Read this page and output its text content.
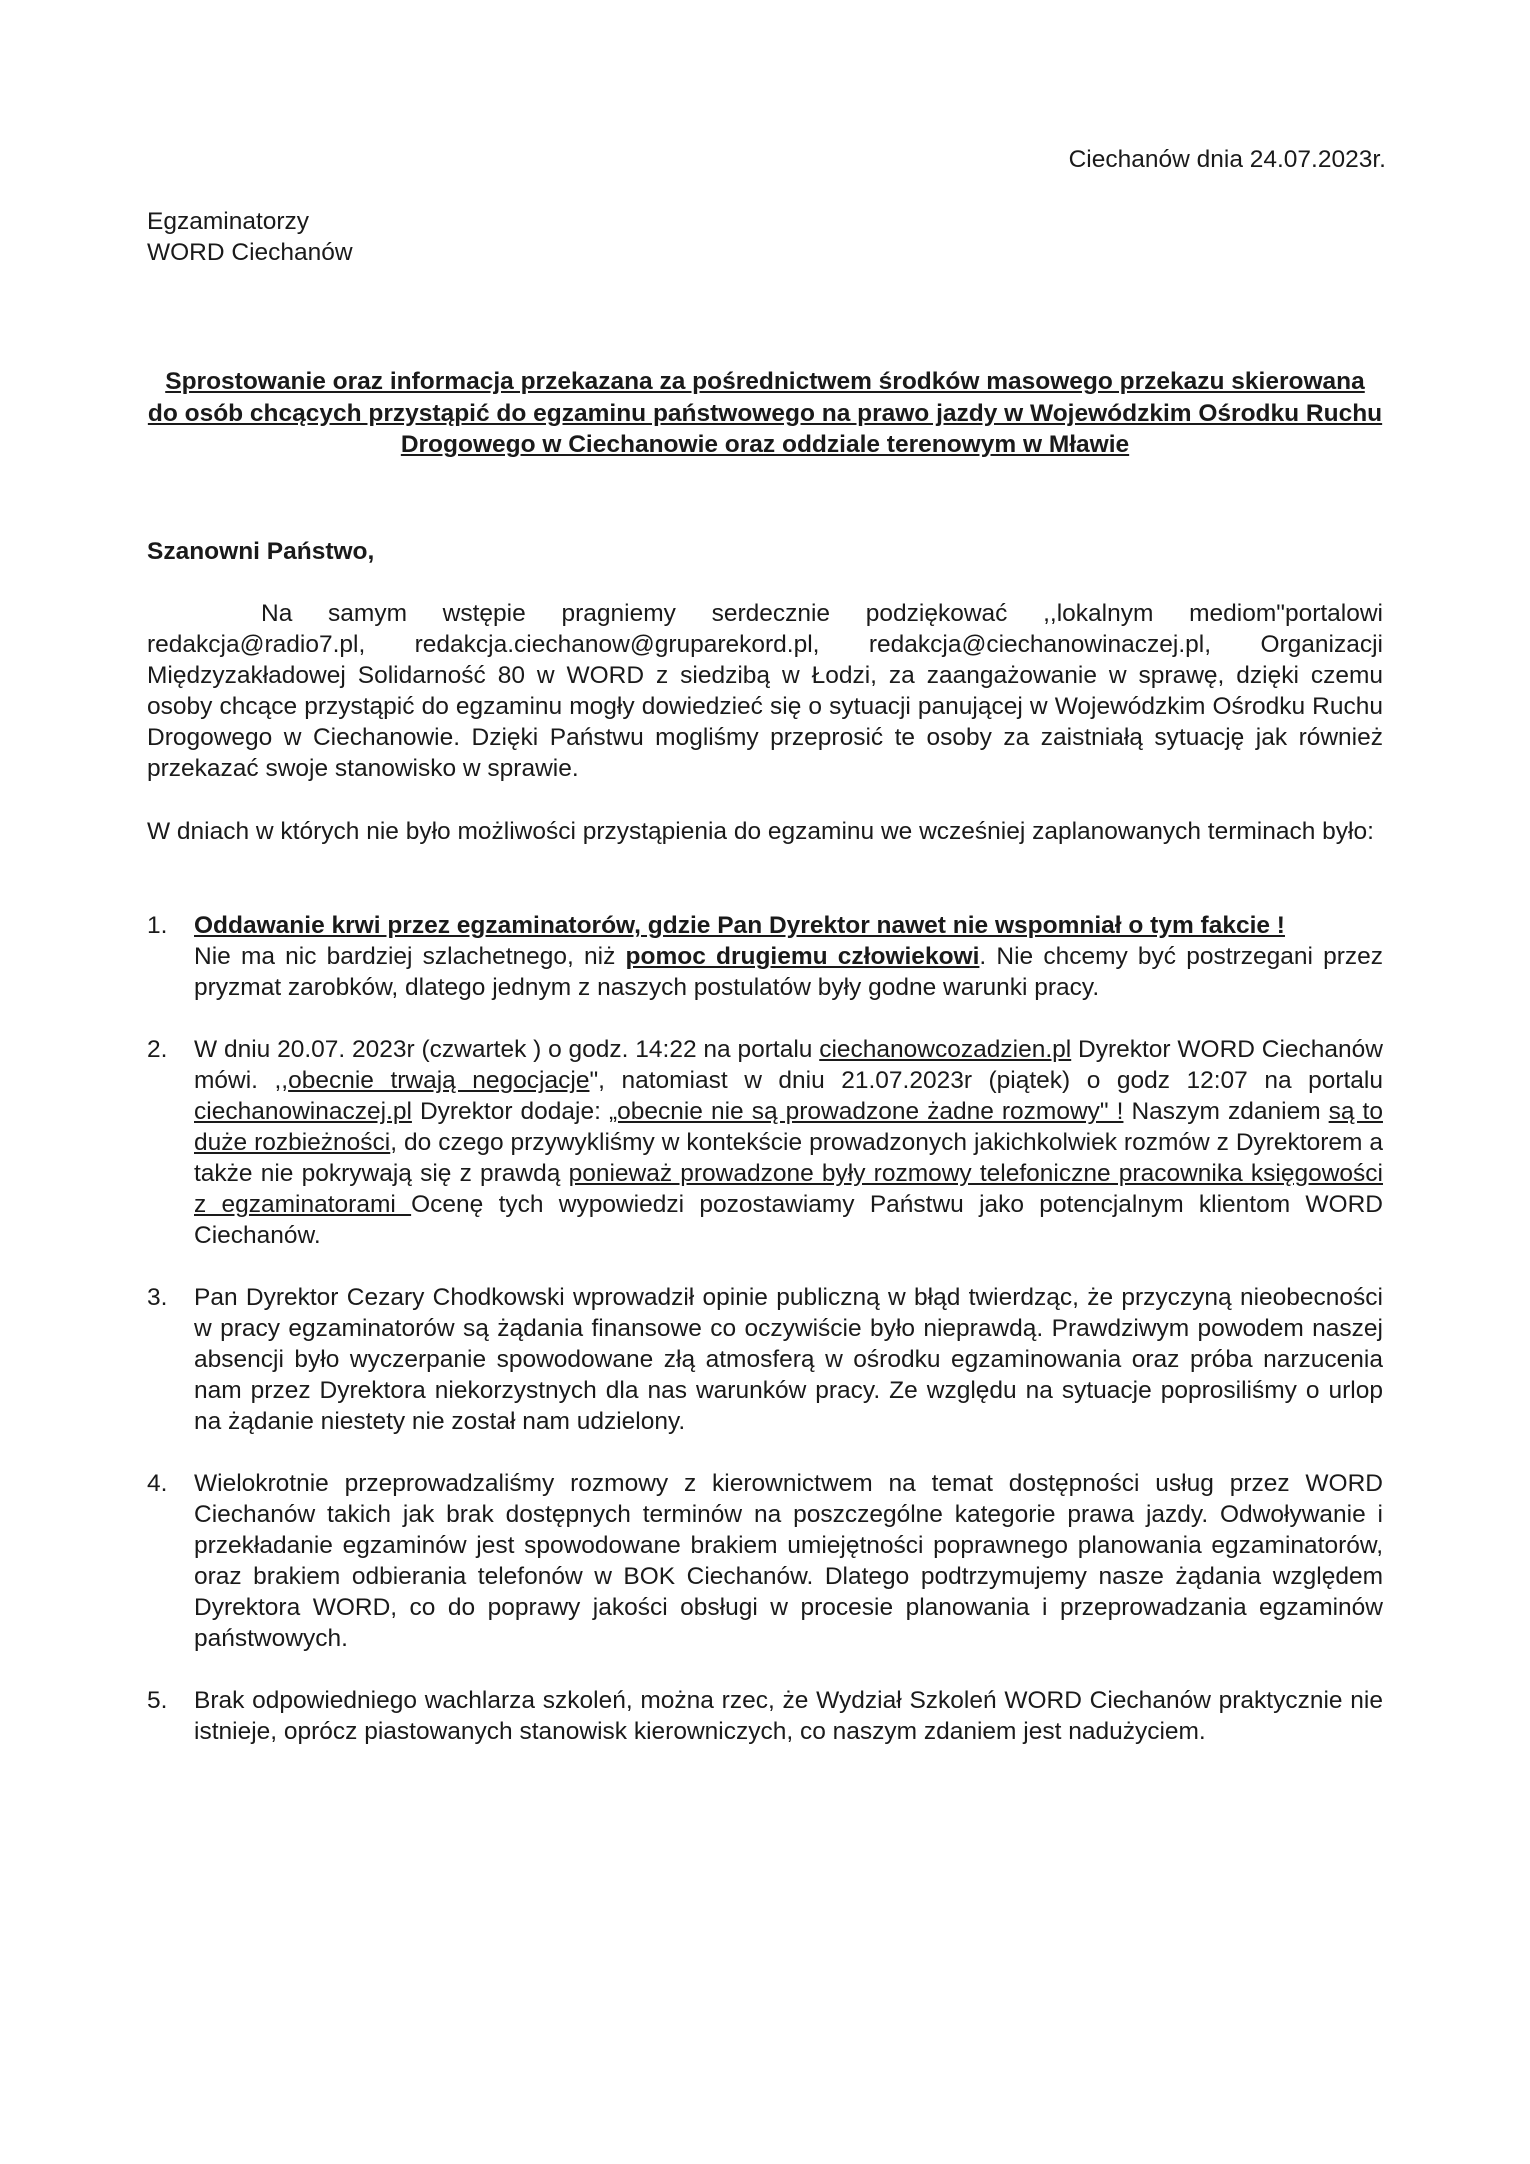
Ciechanów dnia 24.07.2023r.
Egzaminatorzy
WORD Ciechanów
Sprostowanie oraz informacja przekazana za pośrednictwem środków masowego przekazu skierowana do osób chcących przystąpić do egzaminu państwowego na prawo jazdy w Wojewódzkim Ośrodku Ruchu Drogowego w Ciechanowie oraz oddziale terenowym w Mławie
Szanowni Państwo,
Na samym wstępie pragniemy serdecznie podziękować ,,lokalnym mediom"portalowi redakcja@radio7.pl, redakcja.ciechanow@gruparekord.pl, redakcja@ciechanowinaczej.pl, Organizacji Międzyzakładowej Solidarność 80 w WORD z siedzibą w Łodzi, za zaangażowanie w sprawę, dzięki czemu osoby chcące przystąpić do egzaminu mogły dowiedzieć się o sytuacji panującej w Wojewódzkim Ośrodku Ruchu Drogowego w Ciechanowie. Dzięki Państwu mogliśmy przeprosić te osoby za zaistniałą sytuację jak również przekazać swoje stanowisko w sprawie.
W dniach w których nie było możliwości przystąpienia do egzaminu we wcześniej zaplanowanych terminach było:
1. Oddawanie krwi przez egzaminatorów, gdzie Pan Dyrektor nawet nie wspomniał o tym fakcie !
Nie ma nic bardziej szlachetnego, niż pomoc drugiemu człowiekowi. Nie chcemy być postrzegani przez pryzmat zarobków, dlatego jednym z naszych postulatów były godne warunki pracy.
2. W dniu 20.07. 2023r (czwartek ) o godz. 14:22 na portalu ciechanowcozadzien.pl Dyrektor WORD Ciechanów mówi. ,,obecnie trwają negocjacje", natomiast w dniu 21.07.2023r (piątek) o godz 12:07 na portalu ciechanowinaczej.pl Dyrektor dodaje: „obecnie nie są prowadzone żadne rozmowy" ! Naszym zdaniem są to duże rozbieżności, do czego przywykliśmy w kontekście prowadzonych jakichkolwiek rozmów z Dyrektorem a także nie pokrywają się z prawdą ponieważ prowadzone były rozmowy telefoniczne pracownika księgowości z egzaminatorami Ocenę tych wypowiedzi pozostawiamy Państwu jako potencjalnym klientom WORD Ciechanów.
3. Pan Dyrektor Cezary Chodkowski wprowadził opinie publiczną w błąd twierdząc, że przyczyną nieobecności w pracy egzaminatorów są żądania finansowe co oczywiście było nieprawdą. Prawdziwym powodem naszej absencji było wyczerpanie spowodowane złą atmosferą w ośrodku egzaminowania oraz próba narzucenia nam przez Dyrektora niekorzystnych dla nas warunków pracy. Ze względu na sytuacje poprosiliśmy o urlop na żądanie niestety nie został nam udzielony.
4. Wielokrotnie przeprowadzaliśmy rozmowy z kierownictwem na temat dostępności usług przez WORD Ciechanów takich jak brak dostępnych terminów na poszczególne kategorie prawa jazdy. Odwoływanie i przekładanie egzaminów jest spowodowane brakiem umiejętności poprawnego planowania egzaminatorów, oraz brakiem odbierania telefonów w BOK Ciechanów. Dlatego podtrzymujemy nasze żądania względem Dyrektora WORD, co do poprawy jakości obsługi w procesie planowania i przeprowadzania egzaminów państwowych.
5. Brak odpowiedniego wachlarza szkoleń, można rzec, że Wydział Szkoleń WORD Ciechanów praktycznie nie istnieje, oprócz piastowanych stanowisk kierowniczych, co naszym zdaniem jest nadużyciem.
